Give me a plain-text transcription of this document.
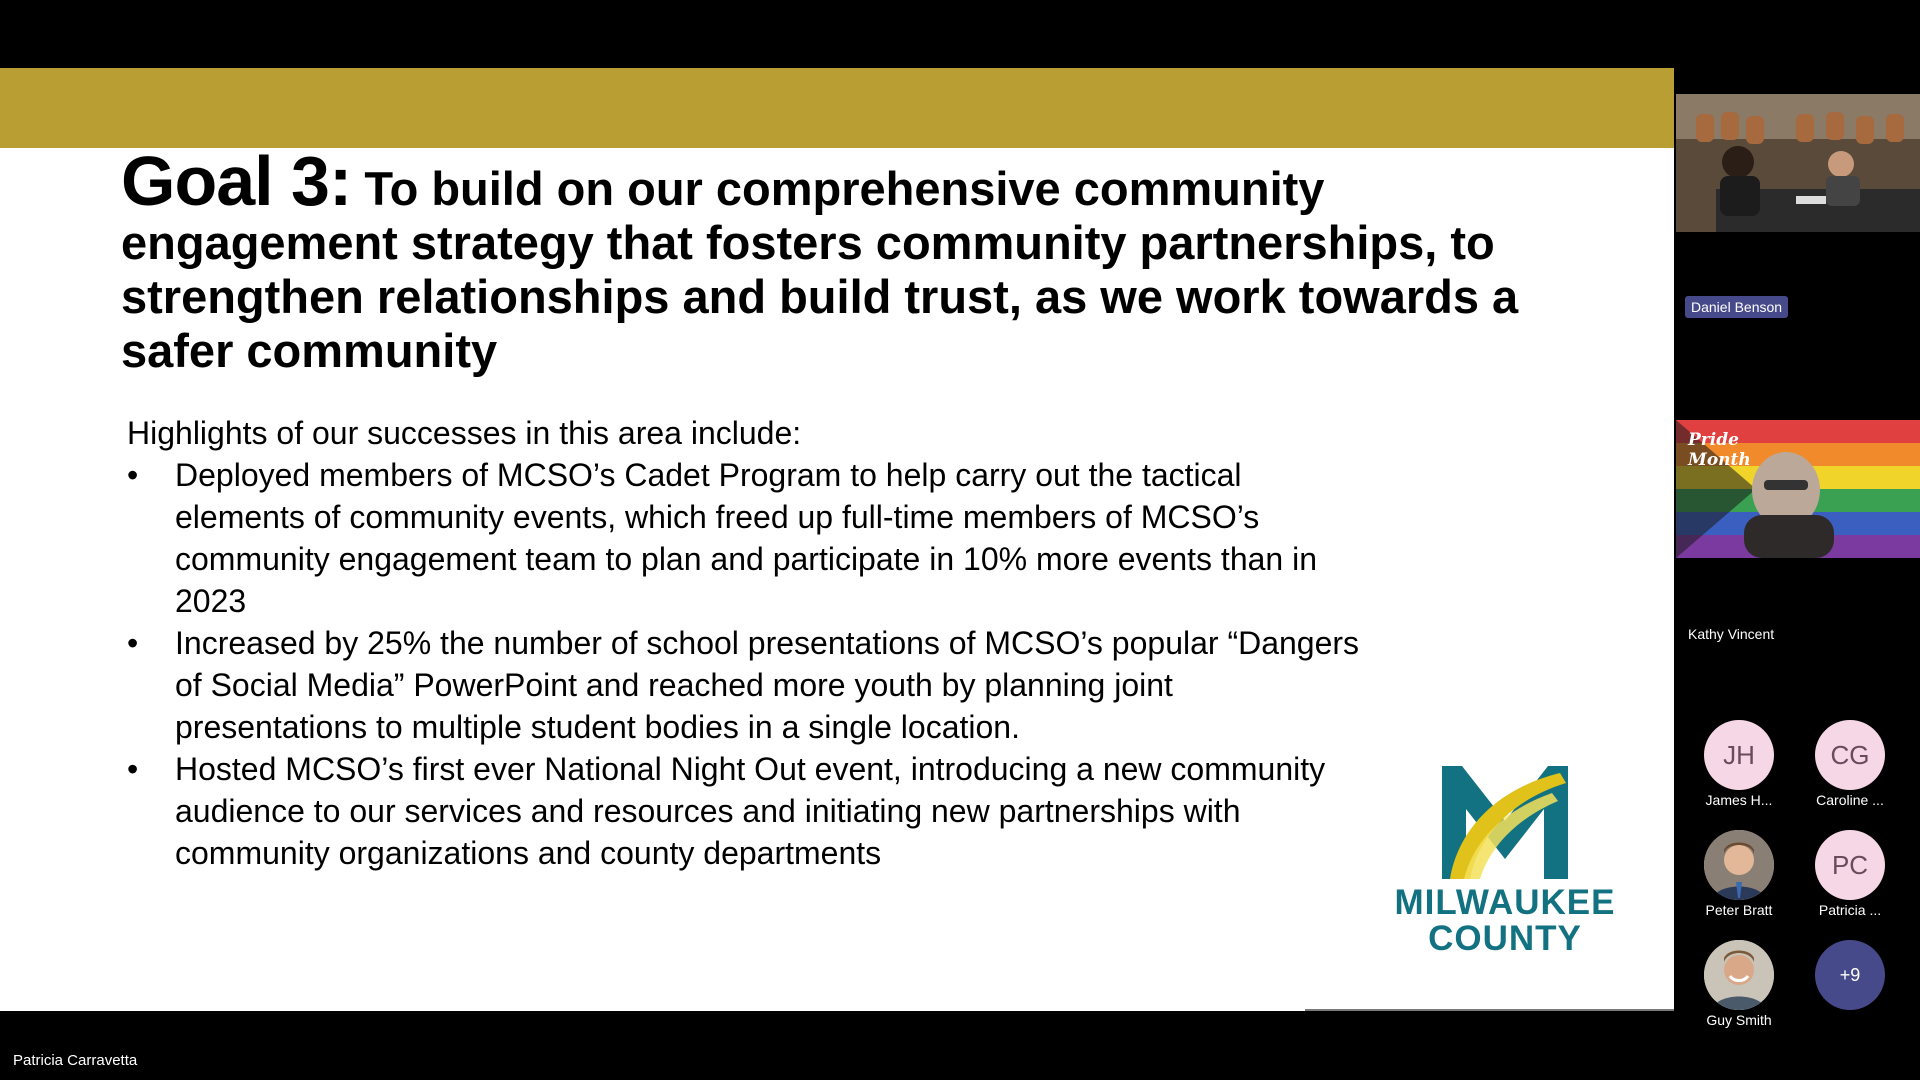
Goal 3: To build on our comprehensive community engagement strategy that fosters community partnerships, to strengthen relationships and build trust, as we work towards a safer community

Highlights of our successes in this area include:

• Deployed members of MCSO’s Cadet Program to help carry out the tactical elements of community events, which freed up full-time members of MCSO’s community engagement team to plan and participate in 10% more events than in 2023
• Increased by 25% the number of school presentations of MCSO’s popular “Dangers of Social Media” PowerPoint and reached more youth by planning joint presentations to multiple student bodies in a single location.
• Hosted MCSO’s first ever National Night Out event, introducing a new community audience to our services and resources and initiating new partnerships with community organizations and county departments
MILWAUKEE
COUNTY
Patricia Carravetta
Daniel Benson
Pride
Month
Kathy Vincent
JH
James H...
CG
Caroline ...
Peter Bratt
PC
Patricia ...
Guy Smith
+9
